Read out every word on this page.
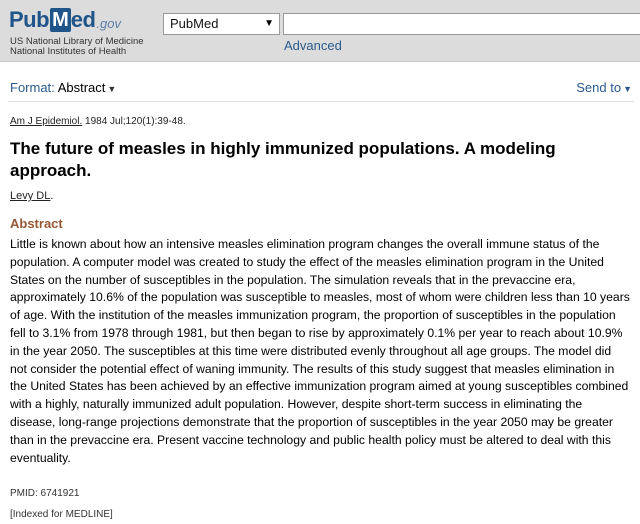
Pub M ed .gov
US National Library of Medicine
National Institutes of Health
PubMed	▼
Advanced
Format: Abstract ▼	Send to ▼
Am J Epidemiol. 1984 Jul;120(1):39-48.
The future of measles in highly immunized populations. A modeling approach.
Levy DL.
Abstract

Little is known about how an intensive measles elimination program changes the overall immune status of the population. A computer model was created to study the effect of the measles elimination program in the United States on the number of susceptibles in the population. The simulation reveals that in the prevaccine era, approximately 10.6% of the population was susceptible to measles, most of whom were children less than 10 years of age. With the institution of the measles immunization program, the proportion of susceptibles in the population fell to 3.1% from 1978 through 1981, but then began to rise by approximately 0.1% per year to reach about 10.9% in the year 2050. The susceptibles at this time were distributed evenly throughout all age groups. The model did not consider the potential effect of waning immunity. The results of this study suggest that measles elimination in the United States has been achieved by an effective immunization program aimed at young susceptibles combined with a highly, naturally immunized adult population. However, despite short-term success in eliminating the disease, long-range projections demonstrate that the proportion of susceptibles in the year 2050 may be greater than in the prevaccine era. Present vaccine technology and public health policy must be altered to deal with this eventuality.

PMID: 6741921
[Indexed for MEDLINE]
